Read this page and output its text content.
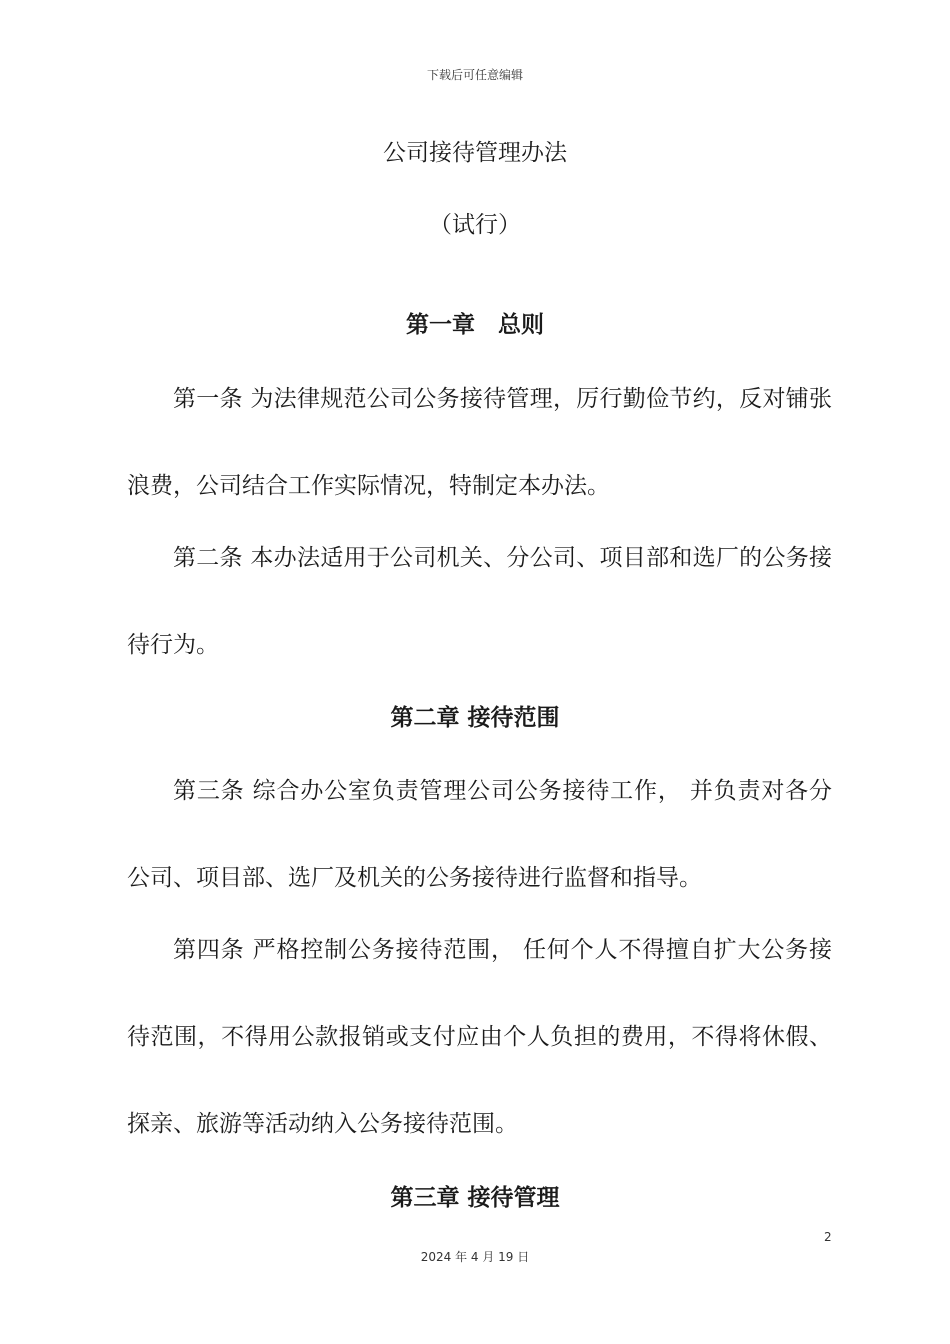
下载后可任意编辑
公司接待管理办法
（试行）
第一章　总则
第一条 为法律规范公司公务接待管理，厉行勤俭节约，反对铺张
浪费，公司结合工作实际情况，特制定本办法。
第二条 本办法适用于公司机关、分公司、项目部和选厂的公务接
待行为。
第二章 接待范围
第三条 综合办公室负责管理公司公务接待工作， 并负责对各分
公司、项目部、选厂及机关的公务接待进行监督和指导。
第四条 严格控制公务接待范围， 任何个人不得擅自扩大公务接
待范围，不得用公款报销或支付应由个人负担的费用，不得将休假、
探亲、旅游等活动纳入公务接待范围。
第三章 接待管理
2
2024 年 4 月 19 日
